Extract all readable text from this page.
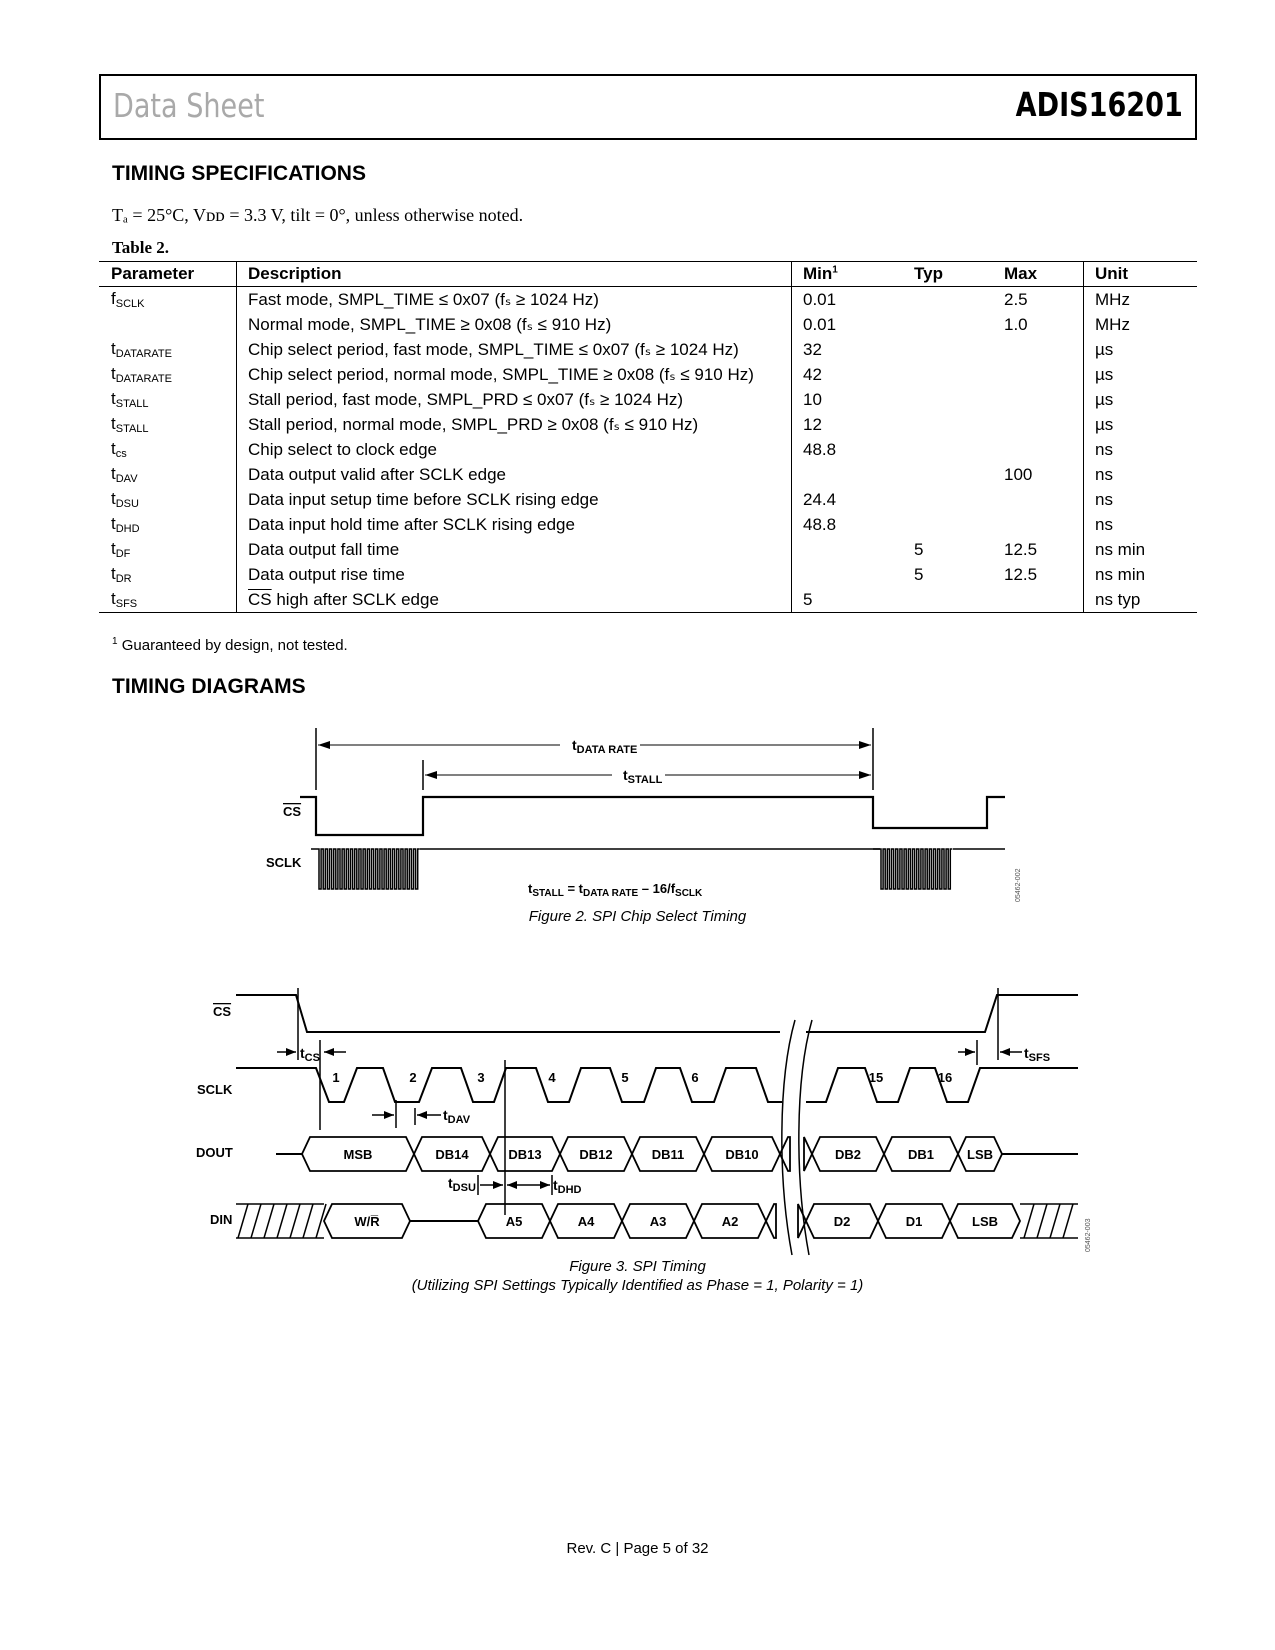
Data Sheet	ADIS16201
TIMING SPECIFICATIONS
Tₐ = 25°C, Vᴅᴅ = 3.3 V, tilt = 0°, unless otherwise noted.
Table 2.
Parameter	Description	Min$^1$	Typ	Max	Unit
$f_{SCLK}$	Fast mode, SMPL_TIME ≤ 0x07 (fₛ ≥ 1024 Hz)	0.01		2.5	MHz
	Normal mode, SMPL_TIME ≥ 0x08 (fₛ ≤ 910 Hz)	0.01		1.0	MHz
$t_{DATARATE}$	Chip select period, fast mode, SMPL_TIME ≤ 0x07 (fₛ ≥ 1024 Hz)	32			µs
$t_{DATARATE}$	Chip select period, normal mode, SMPL_TIME ≥ 0x08 (fₛ ≤ 910 Hz)	42			µs
$t_{STALL}$	Stall period, fast mode, SMPL_PRD ≤ 0x07 (fₛ ≥ 1024 Hz)	10			µs
$t_{STALL}$	Stall period, normal mode, SMPL_PRD ≥ 0x08 (fₛ ≤ 910 Hz)	12			µs
$t_{cs}$	Chip select to clock edge	48.8			ns
$t_{DAV}$	Data output valid after SCLK edge			100	ns
$t_{DSU}$	Data input setup time before SCLK rising edge	24.4			ns
$t_{DHD}$	Data input hold time after SCLK rising edge	48.8			ns
$t_{DF}$	Data output fall time		5	12.5	ns min
$t_{DR}$	Data output rise time		5	12.5	ns min
$t_{SFS}$	$\overline{CS}$ high after SCLK edge	5			ns typ
$^1$ Guaranteed by design, not tested.
TIMING DIAGRAMS
$t_{DATA RATE}$
$t_{STALL}$
CS
SCLK
$t_{STALL} = t_{DATA RATE} - 16/f_{SCLK}$	05462-002
Figure 2. SPI Chip Select Timing
MSB	DB14	DB13	DB12	DB11	DB10	DB2	DB1	LSB
W/R̅	A5	A4	A3	A2	D2	D1	LSB
1	2	3	4	5	6	15	16
CS
SCLK
DOUT
DIN
$t_{CS}$	$t_{SFS}$
$t_{DAV}$
$t_{DSU}$	$t_{DHD}$
05462-003
Figure 3. SPI Timing
(Utilizing SPI Settings Typically Identified as Phase = 1, Polarity = 1)
Rev. C | Page 5 of 32
